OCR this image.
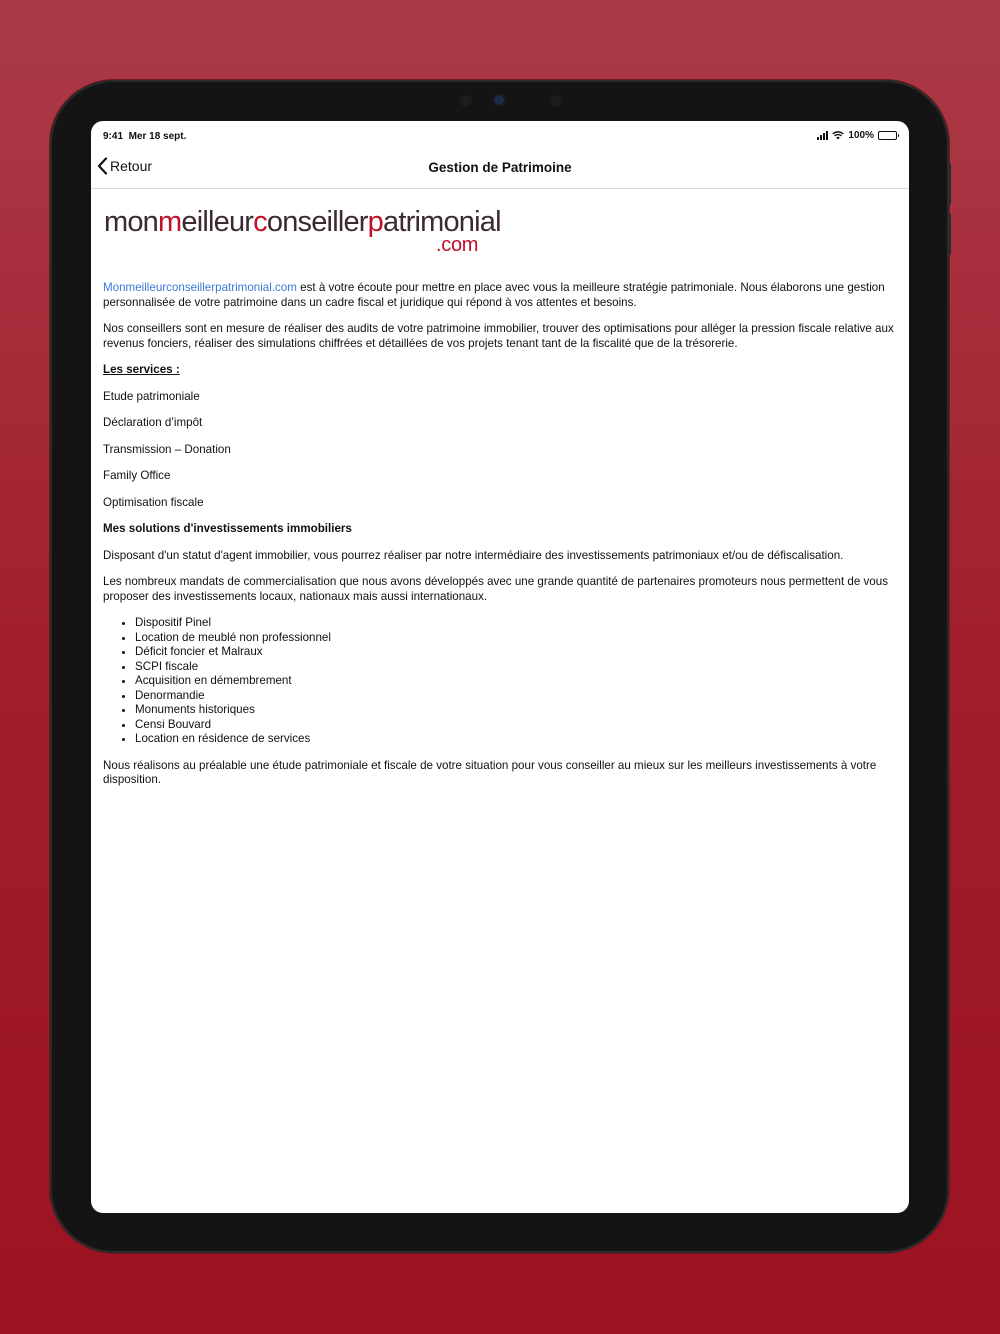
9:41 Mer 18 sept.	100%
Retour	Gestion de Patrimoine
monmeilleurconseillerpatrimonial
.com

Monmeilleurconseillerpatrimonial.com est à votre écoute pour mettre en place avec vous la meilleure stratégie patrimoniale. Nous élaborons une gestion personnalisée de votre patrimoine dans un cadre fiscal et juridique qui répond à vos attentes et besoins.

Nos conseillers sont en mesure de réaliser des audits de votre patrimoine immobilier, trouver des optimisations pour alléger la pression fiscale relative aux revenus fonciers, réaliser des simulations chiffrées et détaillées de vos projets tenant tant de la fiscalité que de la trésorerie.

Les services :

Etude patrimoniale

Déclaration d’impôt

Transmission – Donation

Family Office

Optimisation fiscale

Mes solutions d'investissements immobiliers

Disposant d'un statut d'agent immobilier, vous pourrez réaliser par notre intermédiaire des investissements patrimoniaux et/ou de défiscalisation.

Les nombreux mandats de commercialisation que nous avons développés avec une grande quantité de partenaires promoteurs nous permettent de vous proposer des investissements locaux, nationaux mais aussi internationaux.

• Dispositif Pinel
• Location de meublé non professionnel
• Déficit foncier et Malraux
• SCPI fiscale
• Acquisition en démembrement
• Denormandie
• Monuments historiques
• Censi Bouvard
• Location en résidence de services

Nous réalisons au préalable une étude patrimoniale et fiscale de votre situation pour vous conseiller au mieux sur les meilleurs investissements à votre disposition.
